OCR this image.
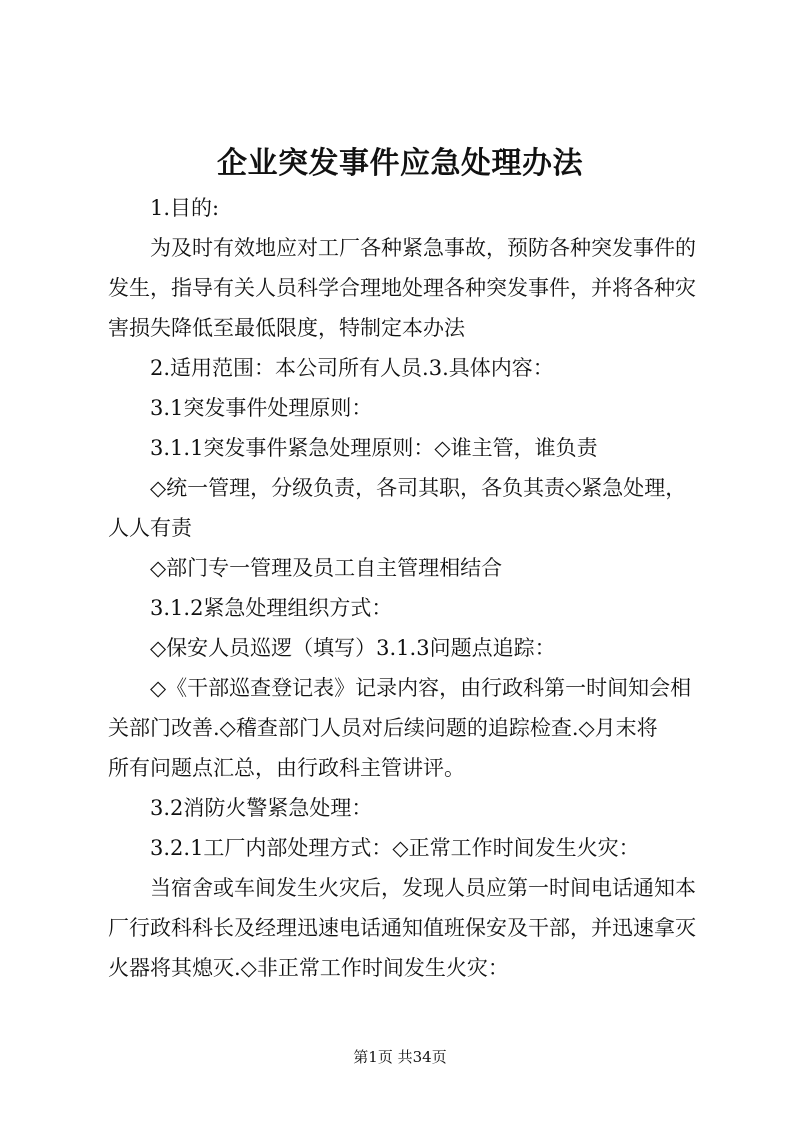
企业突发事件应急处理办法
1.目的:
为及时有效地应对工厂各种紧急事故，预防各种突发事件的
发生，指导有关人员科学合理地处理各种突发事件，并将各种灾
害损失降低至最低限度，特制定本办法
2.适用范围：本公司所有人员.3.具体内容：
3.1突发事件处理原则：
3.1.1突发事件紧急处理原则：◇谁主管，谁负责
◇统一管理，分级负责，各司其职，各负其责◇紧急处理，
人人有责
◇部门专一管理及员工自主管理相结合
3.1.2紧急处理组织方式：
◇保安人员巡逻（填写）3.1.3问题点追踪：
◇《干部巡查登记表》记录内容，由行政科第一时间知会相
关部门改善.◇稽查部门人员对后续问题的追踪检查.◇月末将
所有问题点汇总，由行政科主管讲评。
3.2消防火警紧急处理：
3.2.1工厂内部处理方式：◇正常工作时间发生火灾：
当宿舍或车间发生火灾后，发现人员应第一时间电话通知本
厂行政科科长及经理迅速电话通知值班保安及干部，并迅速拿灭
火器将其熄灭.◇非正常工作时间发生火灾：
第1页 共34页
